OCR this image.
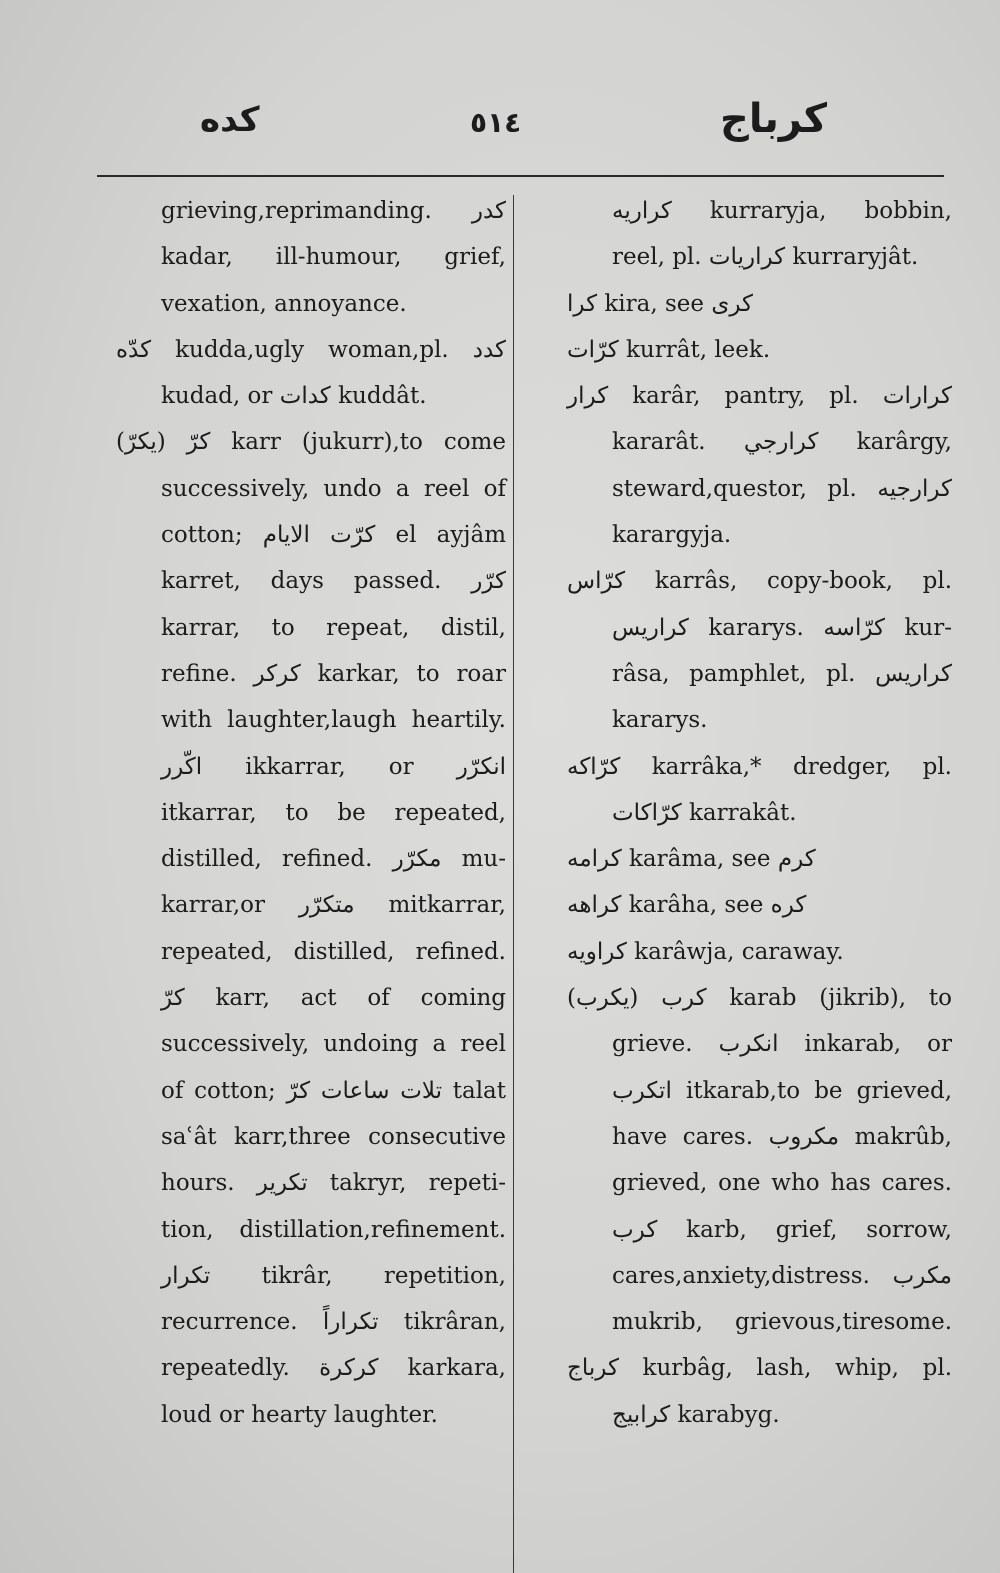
كده	٥١٤	كرباج
grieving,reprimanding. كدر
kadar, ill-humour, grief,
vexation, annoyance.
كدّه kudda,ugly woman,pl. كدد
kudad, or كدات kuddât.
كرّ (يكرّ) karr (jukurr),to come
successively, undo a reel of
cotton; كرّت الايام el ayjâm
karret, days passed. كرّر
karrar, to repeat, distil,
refine. كركر karkar, to roar
with laughter,laugh heartily.
اكّرر ikkarrar, or انكرّر
itkarrar, to be repeated,
distilled, refined. مكرّر mu-
karrar,or متكرّر mitkarrar,
repeated, distilled, refined.
كرّ karr, act of coming
successively, undoing a reel
of cotton; تلات ساعات كرّ talat
saʿât karr,three consecutive
hours. تكرير takryr, repeti-
tion, distillation,refinement.
تكرار tikrâr, repetition,
recurrence. تكراراً tikrâran,
repeatedly. كركرة karkara,
loud or hearty laughter.
كراريه kurraryja, bobbin,
reel, pl. كراريات kurraryjât.
كرا kira, see كرى
كرّات kurrât, leek.
كرار karâr, pantry, pl. كرارات
kararât. كرارجي karârgy,
steward,questor, pl. كرارجيه
karargyja.
كرّاس karrâs, copy-book, pl.
كراريس kararys. كرّاسه kur-
râsa, pamphlet, pl. كراريس
kararys.
كرّاكه karrâka,* dredger, pl.
كرّاكات karrakât.
كرامه karâma, see كرم
كراهه karâha, see كره
كراويه karâwja, caraway.
كرب (يكرب) karab (jikrib), to
grieve. انكرب inkarab, or
اتكرب itkarab,to be grieved,
have cares. مكروب makrûb,
grieved, one who has cares.
كرب karb, grief, sorrow,
cares,anxiety,distress. مكرب
mukrib, grievous,tiresome.
كرباج kurbâg, lash, whip, pl.
كرابيج karabyg.
